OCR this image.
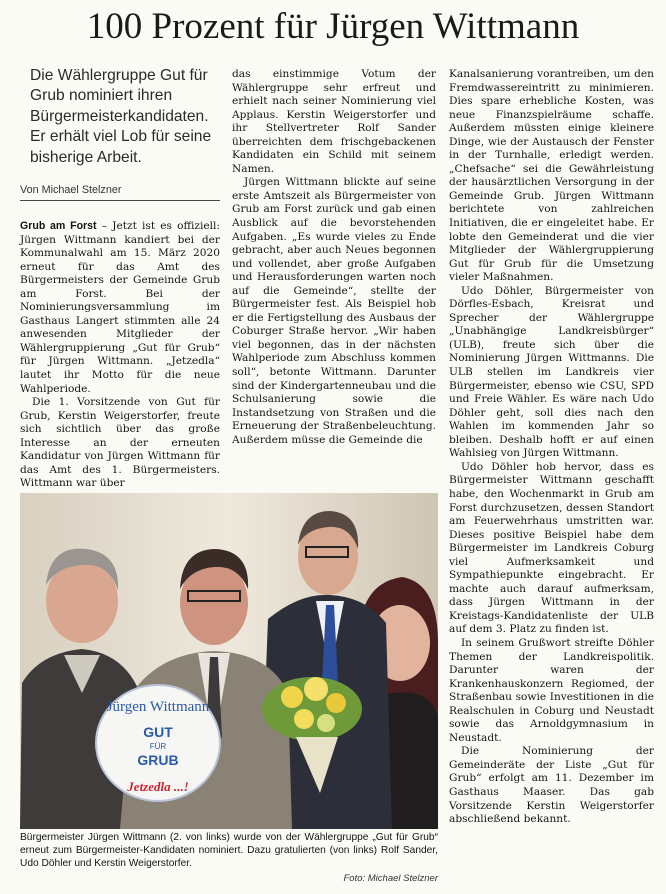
100 Prozent für Jürgen Wittmann
Die Wählergruppe Gut für Grub nominiert ihren Bürgermeisterkandidaten. Er erhält viel Lob für seine bisherige Arbeit.
Von Michael Stelzner

Grub am Forst – Jetzt ist es offiziell: Jürgen Wittmann kandiert bei der Kommunalwahl am 15. März 2020 erneut für das Amt des Bürgermeisters der Gemeinde Grub am Forst. Bei der Nominierungsversammlung im Gasthaus Langert stimmten alle 24 anwesenden Mitglieder der Wählergruppierung „Gut für Grub“ für Jürgen Wittmann. „Jetzedla“ lautet ihr Motto für die neue Wahlperiode.

Die 1. Vorsitzende von Gut für Grub, Kerstin Weigerstorfer, freute sich sichtlich über das große Interesse an der erneuten Kandidatur von Jürgen Wittmann für das Amt des 1. Bürgermeisters. Wittmann war über

das einstimmige Votum der Wählergruppe sehr erfreut und erhielt nach seiner Nominierung viel Applaus. Kerstin Weigerstorfer und ihr Stellvertreter Rolf Sander überreichten dem frischgebackenen Kandidaten ein Schild mit seinem Namen.

Jürgen Wittmann blickte auf seine erste Amtszeit als Bürgermeister von Grub am Forst zurück und gab einen Ausblick auf die bevorstehenden Aufgaben. „Es wurde vieles zu Ende gebracht, aber auch Neues begonnen und vollendet, aber große Aufgaben und Herausforderungen warten noch auf die Gemeinde“, stellte der Bürgermeister fest. Als Beispiel hob er die Fertigstellung des Ausbaus der Coburger Straße hervor. „Wir haben viel begonnen, das in der nächsten Wahlperiode zum Abschluss kommen soll“, betonte Wittmann. Darunter sind der Kindergartenneubau und die Schulsanierung sowie die Instandsetzung von Straßen und die Erneuerung der Straßenbeleuchtung. Außerdem müsse die Gemeinde die

Kanalsanierung vorantreiben, um den Fremdwassereintritt zu minimieren. Dies spare erhebliche Kosten, was neue Finanzspielräume schaffe. Außerdem müssten einige kleinere Dinge, wie der Austausch der Fenster in der Turnhalle, erledigt werden. „Chefsache“ sei die Gewährleistung der hausärztlichen Versorgung in der Gemeinde Grub. Jürgen Wittmann berichtete von zahlreichen Initiativen, die er eingeleitet habe. Er lobte den Gemeinderat und die vier Mitglieder der Wählergruppierung Gut für Grub für die Umsetzung vieler Maßnahmen.

Udo Döhler, Bürgermeister von Dörfles-Esbach, Kreisrat und Sprecher der Wählergruppe „Unabhängige Landkreisbürger“ (ULB), freute sich über die Nominierung Jürgen Wittmanns. Die ULB stellen im Landkreis vier Bürgermeister, ebenso wie CSU, SPD und Freie Wähler. Es wäre nach Udo Döhler geht, soll dies nach den Wahlen im kommenden Jahr so bleiben. Deshalb hofft er auf einen Wahlsieg von Jürgen Wittmann.

Udo Döhler hob hervor, dass es Bürgermeister Wittmann geschafft habe, den Wochenmarkt in Grub am Forst durchzusetzen, dessen Standort am Feuerwehrhaus umstritten war. Dieses positive Beispiel habe dem Bürgermeister im Landkreis Coburg viel Aufmerksamkeit und Sympathiepunkte eingebracht. Er machte auch darauf aufmerksam, dass Jürgen Wittmann in der Kreistags-Kandidatenliste der ULB auf dem 3. Platz zu finden ist.

In seinem Grußwort streifte Döhler Themen der Landkreispolitik. Darunter waren der Krankenhauskonzern Regiomed, der Straßenbau sowie Investitionen in die Realschulen in Coburg und Neustadt sowie das Arnoldgymnasium in Neustadt.

Die Nominierung der Gemeinderäte der Liste „Gut für Grub“ erfolgt am 11. Dezember im Gasthaus Maaser. Das gab Vorsitzende Kerstin Weigerstorfer abschließend bekannt.

Jürgen Wittmann
GUT
FÜR
GRUB
Jetzedla ...!
Bürgermeister Jürgen Wittmann (2. von links) wurde von der Wählergruppe „Gut für Grub“ erneut zum Bürgermeister-Kandidaten nominiert. Dazu gratulierten (von links) Rolf Sander, Udo Döhler und Kerstin Weigerstorfer.
Foto: Michael Stelzner
